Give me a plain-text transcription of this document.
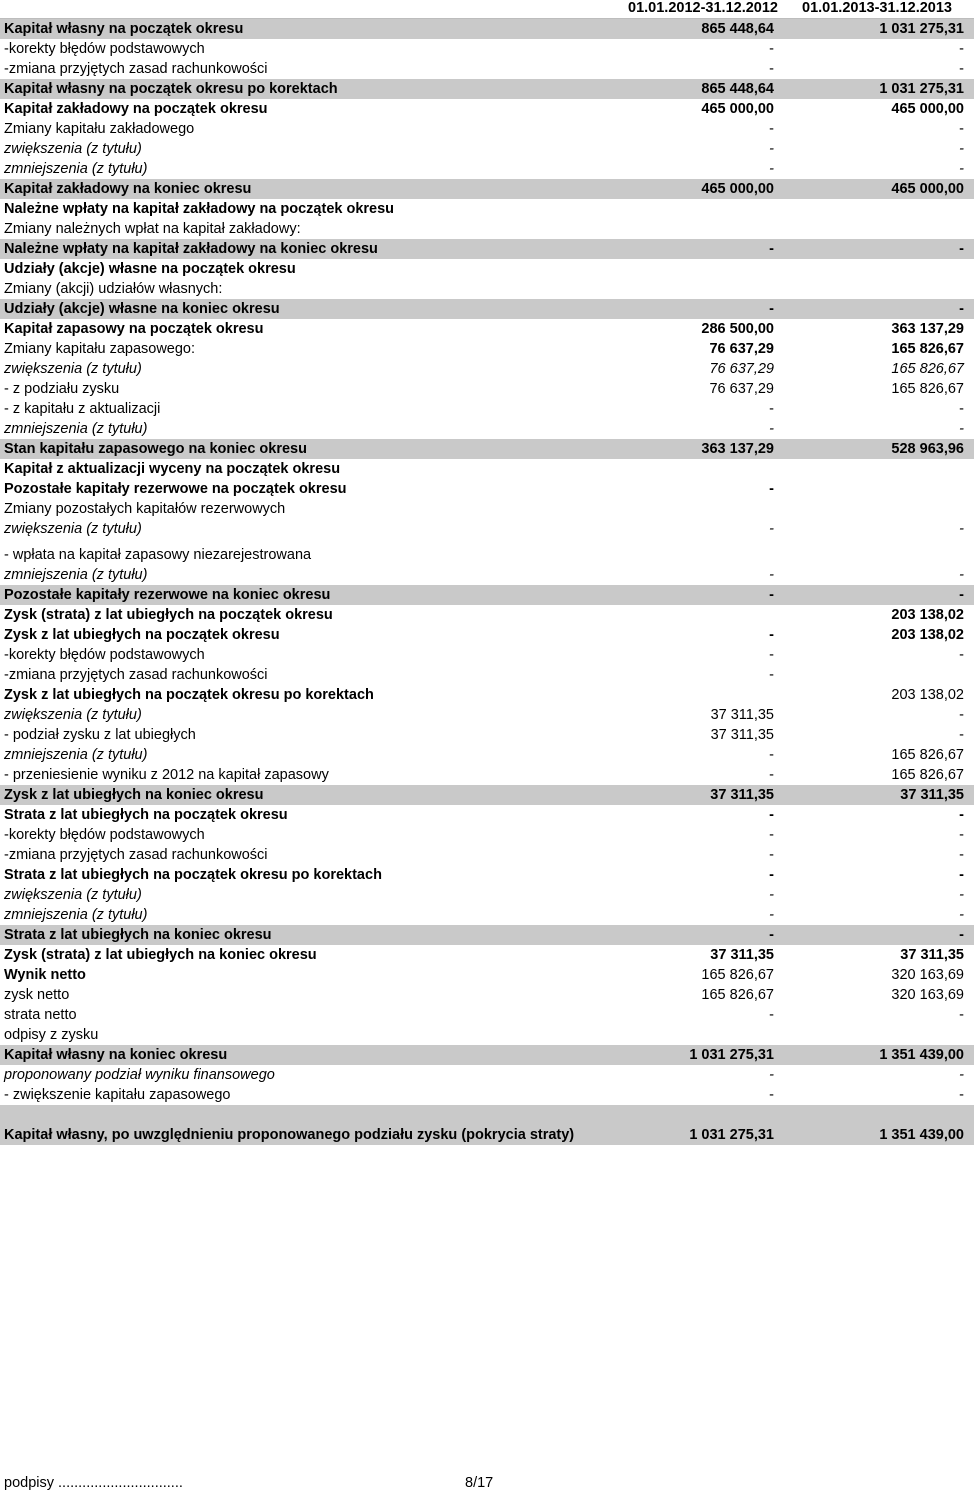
01.01.2012-31.12.2012 01.01.2013-31.12.2013
Kapitał własny na początek okresu	865 448,64	1 031 275,31
-korekty błędów podstawowych	-	-
-zmiana przyjętych zasad rachunkowości	-	-
Kapitał własny na początek okresu po korektach	865 448,64	1 031 275,31
Kapitał zakładowy na początek okresu	465 000,00	465 000,00
Zmiany kapitału zakładowego	-	-
zwiększenia (z tytułu)	-	-
zmniejszenia (z tytułu)	-	-
Kapitał zakładowy na koniec okresu	465 000,00	465 000,00
Należne wpłaty na kapitał zakładowy na początek okresu		
Zmiany należnych wpłat na kapitał zakładowy:		
Należne wpłaty na kapitał zakładowy na koniec okresu	-	-
Udziały (akcje) własne na początek okresu		
Zmiany (akcji) udziałów własnych:		
Udziały (akcje) własne na koniec okresu	-	-
Kapitał zapasowy na początek okresu	286 500,00	363 137,29
Zmiany kapitału zapasowego:	76 637,29	165 826,67
zwiększenia (z tytułu)	76 637,29	165 826,67
- z podziału zysku	76 637,29	165 826,67
- z kapitału z aktualizacji	-	-
zmniejszenia (z tytułu)	-	-
Stan kapitału zapasowego na koniec okresu	363 137,29	528 963,96
Kapitał z aktualizacji wyceny na początek okresu		
Pozostałe kapitały rezerwowe na początek okresu	-	
Zmiany pozostałych kapitałów rezerwowych		
zwiększenia (z tytułu)	-	-
- wpłata na kapitał zapasowy niezarejestrowana		
zmniejszenia (z tytułu)	-	-
Pozostałe kapitały rezerwowe na koniec okresu	-	-
Zysk (strata) z lat ubiegłych na początek okresu		203 138,02
Zysk z lat ubiegłych na początek okresu	-	203 138,02
-korekty błędów podstawowych	-	-
-zmiana przyjętych zasad rachunkowości	-	
Zysk z lat ubiegłych na początek okresu po korektach		203 138,02
zwiększenia (z tytułu)	37 311,35	-
- podział zysku z lat ubiegłych	37 311,35	-
zmniejszenia (z tytułu)	-	165 826,67
- przeniesienie wyniku z 2012 na kapitał zapasowy	-	165 826,67
Zysk z lat ubiegłych na koniec okresu	37 311,35	37 311,35
Strata z lat ubiegłych na początek okresu	-	-
-korekty błędów podstawowych	-	-
-zmiana przyjętych zasad rachunkowości	-	-
Strata z lat ubiegłych na początek okresu po korektach	-	-
zwiększenia (z tytułu)	-	-
zmniejszenia (z tytułu)	-	-
Strata z lat ubiegłych na koniec okresu	-	-
Zysk (strata) z lat ubiegłych na koniec okresu	37 311,35	37 311,35
Wynik netto	165 826,67	320 163,69
zysk netto	165 826,67	320 163,69
strata netto	-	-
odpisy z zysku		
Kapitał własny na koniec okresu	1 031 275,31	1 351 439,00
proponowany podział wyniku finansowego	-	-
- zwiększenie kapitału zapasowego	-	-
Kapitał własny, po uwzględnieniu proponowanego podziału zysku (pokrycia straty)	1 031 275,31	1 351 439,00
podpisy ...............................	8/17
